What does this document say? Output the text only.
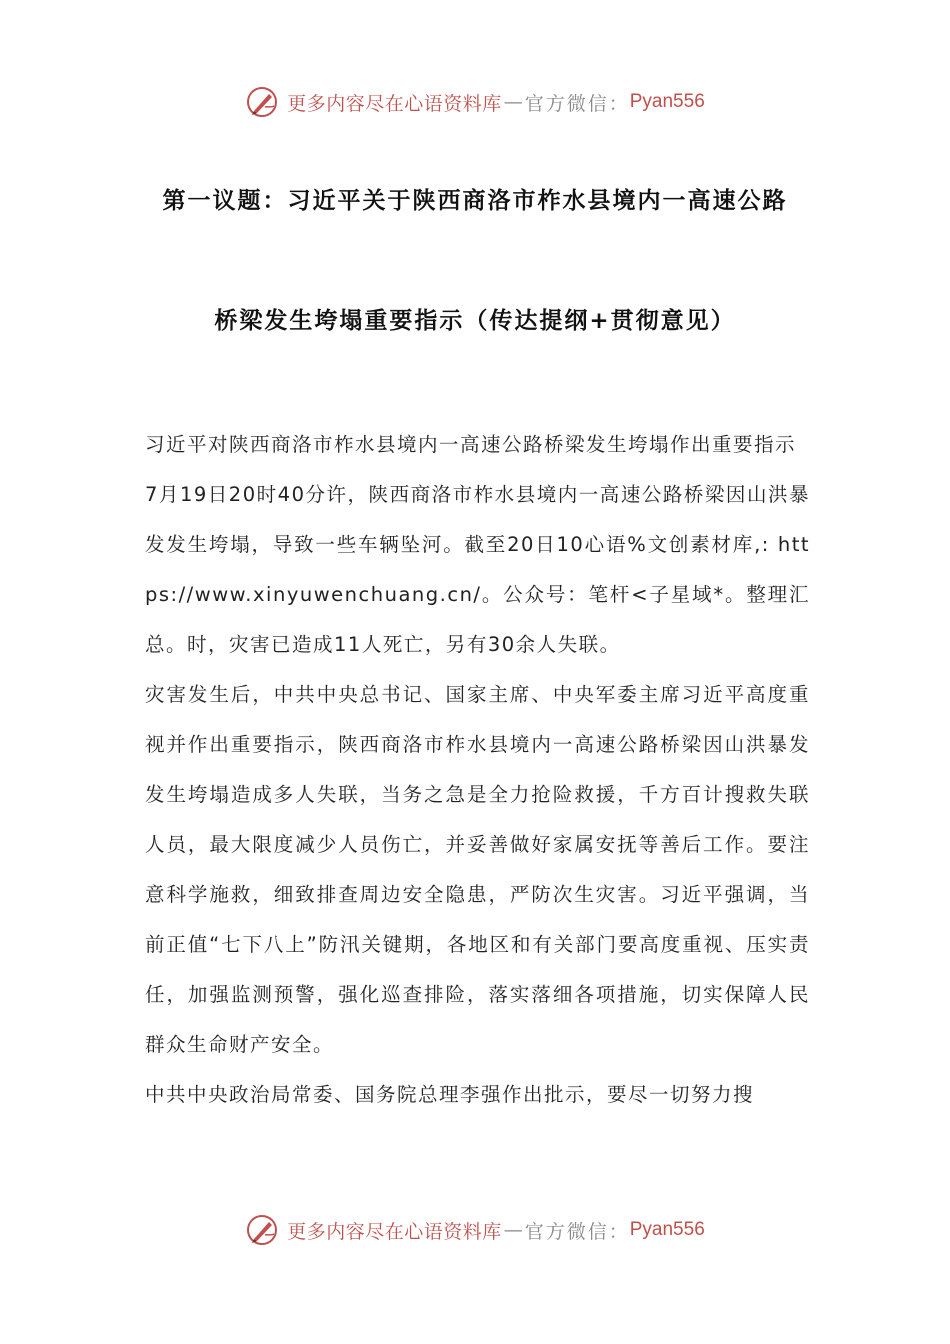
更多内容尽在心语资料库 — 官方微信： Pyan556
第一议题：习近平关于陕西商洛市柞水县境内一高速公路
桥梁发生垮塌重要指示（传达提纲+贯彻意见）

习近平对陕西商洛市柞水县境内一高速公路桥梁发生垮塌作出重要指示

7月19日20时40分许，陕西商洛市柞水县境内一高速公路桥梁因山洪暴发发生垮塌，导致一些车辆坠河。截至20日10心语%文创素材库,: https://www.xinyuwenchuang.cn/。公众号：笔杆<子星域*。整理汇总。时，灾害已造成11人死亡，另有30余人失联。

灾害发生后，中共中央总书记、国家主席、中央军委主席习近平高度重视并作出重要指示，陕西商洛市柞水县境内一高速公路桥梁因山洪暴发发生垮塌造成多人失联，当务之急是全力抢险救援，千方百计搜救失联人员，最大限度减少人员伤亡，并妥善做好家属安抚等善后工作。要注意科学施救，细致排查周边安全隐患，严防次生灾害。习近平强调，当前正值“七下八上”防汛关键期，各地区和有关部门要高度重视、压实责任，加强监测预警，强化巡查排险，落实落细各项措施，切实保障人民群众生命财产安全。

中共中央政治局常委、国务院总理李强作出批示，要尽一切努力搜

更多内容尽在心语资料库 — 官方微信： Pyan556
